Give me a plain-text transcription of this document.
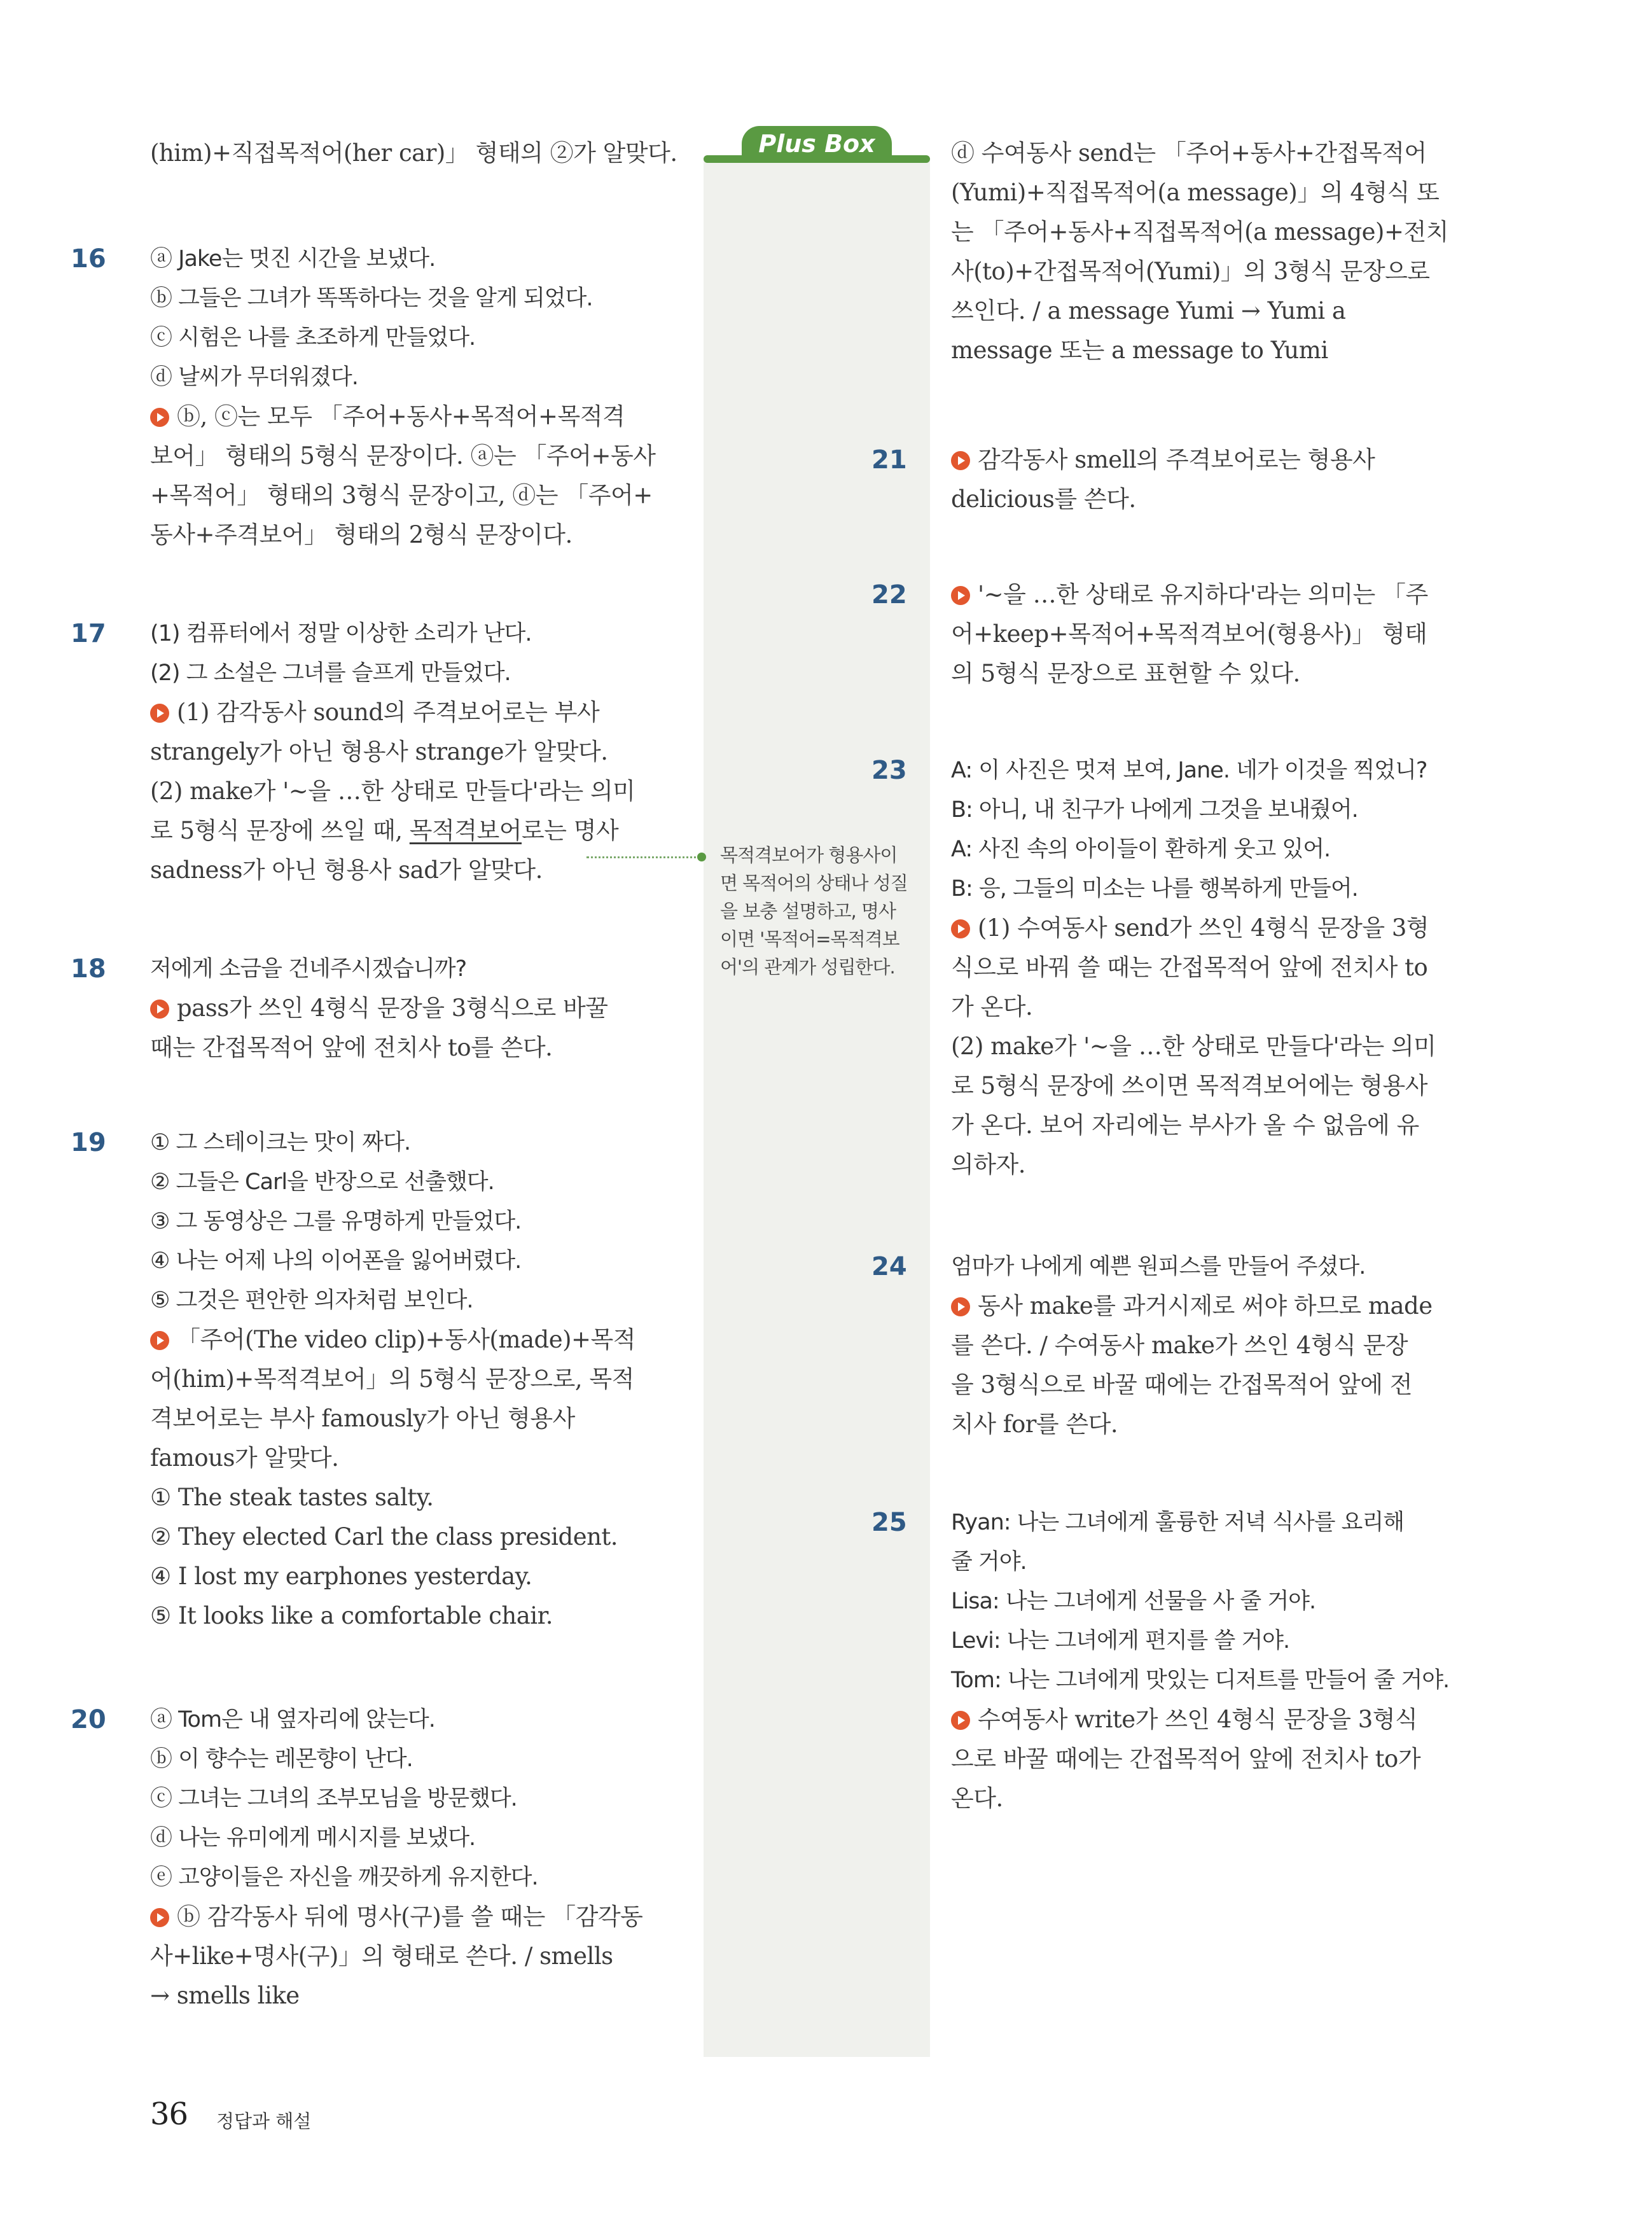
(him)+직접목적어(her car)」 형태의 ②가 알맞다.
16	ⓐ Jake는 멋진 시간을 보냈다.
ⓑ 그들은 그녀가 똑똑하다는 것을 알게 되었다.
ⓒ 시험은 나를 초조하게 만들었다.
ⓓ 날씨가 무더워졌다.
ⓑ, ⓒ는 모두 「주어+동사+목적어+목적격
보어」 형태의 5형식 문장이다. ⓐ는 「주어+동사
+목적어」 형태의 3형식 문장이고, ⓓ는 「주어+
동사+주격보어」 형태의 2형식 문장이다.
17	(1) 컴퓨터에서 정말 이상한 소리가 난다.
(2) 그 소설은 그녀를 슬프게 만들었다.
(1) 감각동사 sound의 주격보어로는 부사
strangely가 아닌 형용사 strange가 알맞다.
(2) make가 '~을 …한 상태로 만들다'라는 의미
로 5형식 문장에 쓰일 때, 목적격보어로는 명사
sadness가 아닌 형용사 sad가 알맞다.
18	저에게 소금을 건네주시겠습니까?
pass가 쓰인 4형식 문장을 3형식으로 바꿀
때는 간접목적어 앞에 전치사 to를 쓴다.
19	① 그 스테이크는 맛이 짜다.
② 그들은 Carl을 반장으로 선출했다.
③ 그 동영상은 그를 유명하게 만들었다.
④ 나는 어제 나의 이어폰을 잃어버렸다.
⑤ 그것은 편안한 의자처럼 보인다.
「주어(The video clip)+동사(made)+목적
어(him)+목적격보어」의 5형식 문장으로, 목적
격보어로는 부사 famously가 아닌 형용사
famous가 알맞다.
① The steak tastes salty.
② They elected Carl the class president.
④ I lost my earphones yesterday.
⑤ It looks like a comfortable chair.
20	ⓐ Tom은 내 옆자리에 앉는다.
ⓑ 이 향수는 레몬향이 난다.
ⓒ 그녀는 그녀의 조부모님을 방문했다.
ⓓ 나는 유미에게 메시지를 보냈다.
ⓔ 고양이들은 자신을 깨끗하게 유지한다.
ⓑ 감각동사 뒤에 명사(구)를 쓸 때는 「감각동
사+like+명사(구)」의 형태로 쓴다. / smells
→ smells like
Plus Box
목적격보어가 형용사이
면 목적어의 상태나 성질
을 보충 설명하고, 명사
이면 '목적어=목적격보
어'의 관계가 성립한다.
ⓓ 수여동사 send는 「주어+동사+간접목적어
(Yumi)+직접목적어(a message)」의 4형식 또
는 「주어+동사+직접목적어(a message)+전치
사(to)+간접목적어(Yumi)」의 3형식 문장으로
쓰인다. / a message Yumi → Yumi a
message 또는 a message to Yumi
21	감각동사 smell의 주격보어로는 형용사
delicious를 쓴다.
22	'~을 …한 상태로 유지하다'라는 의미는 「주
어+keep+목적어+목적격보어(형용사)」 형태
의 5형식 문장으로 표현할 수 있다.
23	A: 이 사진은 멋져 보여, Jane. 네가 이것을 찍었니?
B: 아니, 내 친구가 나에게 그것을 보내줬어.
A: 사진 속의 아이들이 환하게 웃고 있어.
B: 응, 그들의 미소는 나를 행복하게 만들어.
(1) 수여동사 send가 쓰인 4형식 문장을 3형
식으로 바꿔 쓸 때는 간접목적어 앞에 전치사 to
가 온다.
(2) make가 '~을 …한 상태로 만들다'라는 의미
로 5형식 문장에 쓰이면 목적격보어에는 형용사
가 온다. 보어 자리에는 부사가 올 수 없음에 유
의하자.
24	엄마가 나에게 예쁜 원피스를 만들어 주셨다.
동사 make를 과거시제로 써야 하므로 made
를 쓴다. / 수여동사 make가 쓰인 4형식 문장
을 3형식으로 바꿀 때에는 간접목적어 앞에 전
치사 for를 쓴다.
25	Ryan: 나는 그녀에게 훌륭한 저녁 식사를 요리해
줄 거야.
Lisa: 나는 그녀에게 선물을 사 줄 거야.
Levi: 나는 그녀에게 편지를 쓸 거야.
Tom: 나는 그녀에게 맛있는 디저트를 만들어 줄 거야.
수여동사 write가 쓰인 4형식 문장을 3형식
으로 바꿀 때에는 간접목적어 앞에 전치사 to가
온다.
36 정답과 해설
